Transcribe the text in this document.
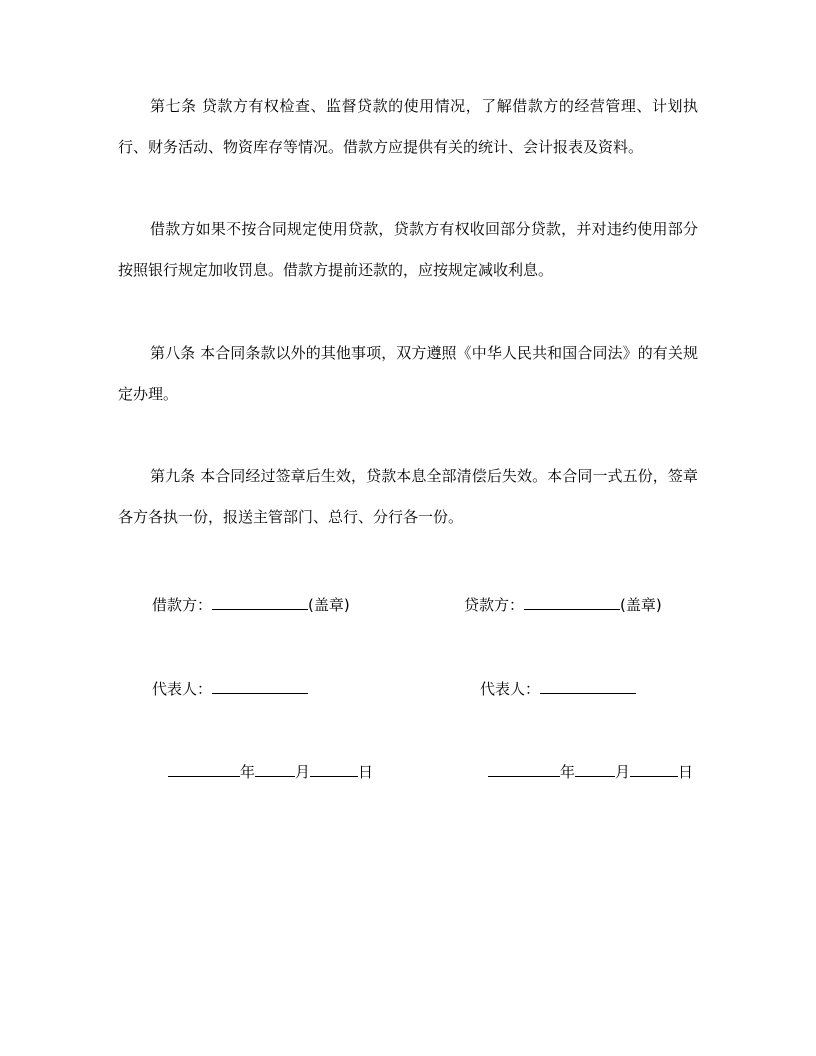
第七条 贷款方有权检查、监督贷款的使用情况，了解借款方的经营管理、计划执行、财务活动、物资库存等情况。借款方应提供有关的统计、会计报表及资料。

借款方如果不按合同规定使用贷款，贷款方有权收回部分贷款，并对违约使用部分按照银行规定加收罚息。借款方提前还款的，应按规定减收利息。

第八条 本合同条款以外的其他事项，双方遵照《中华人民共和国合同法》的有关规定办理。

第九条 本合同经过签章后生效，贷款本息全部清偿后失效。本合同一式五份，签章各方各执一份，报送主管部门、总行、分行各一份。

借款方：	(盖章)	贷款方：	(盖章)
代表人：	代表人：
年	月	日	年	月	日
